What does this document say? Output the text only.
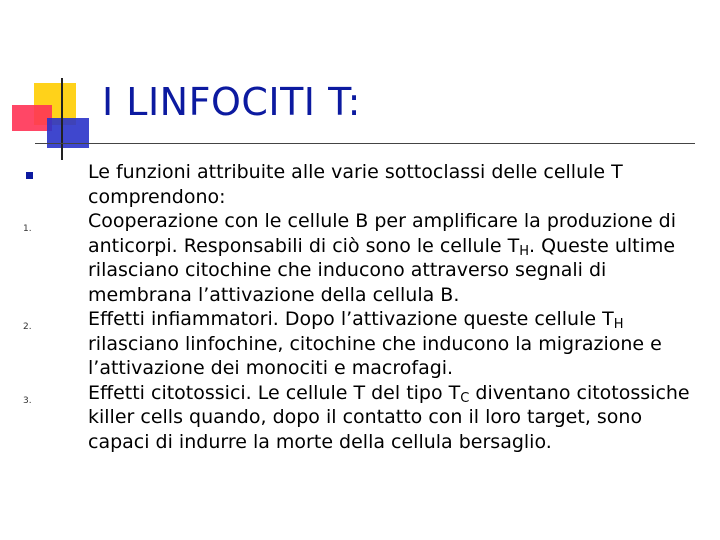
I LINFOCITI T:
Le funzioni attribuite alle varie sottoclassi delle cellule T comprendono:
1.	Cooperazione con le cellule B per amplificare la produzione di anticorpi. Responsabili di ciò sono le cellule $T_H$. Queste ultime rilasciano citochine che inducono attraverso segnali di membrana l’attivazione della cellula B.
2.	Effetti infiammatori. Dopo l’attivazione queste cellule $T_H$ rilasciano linfochine, citochine che inducono la migrazione e l’attivazione dei monociti e macrofagi.
3.	Effetti citotossici. Le cellule T del tipo $T_C$ diventano citotossiche killer cells quando, dopo il contatto con il loro target, sono capaci di indurre la morte della cellula bersaglio.
